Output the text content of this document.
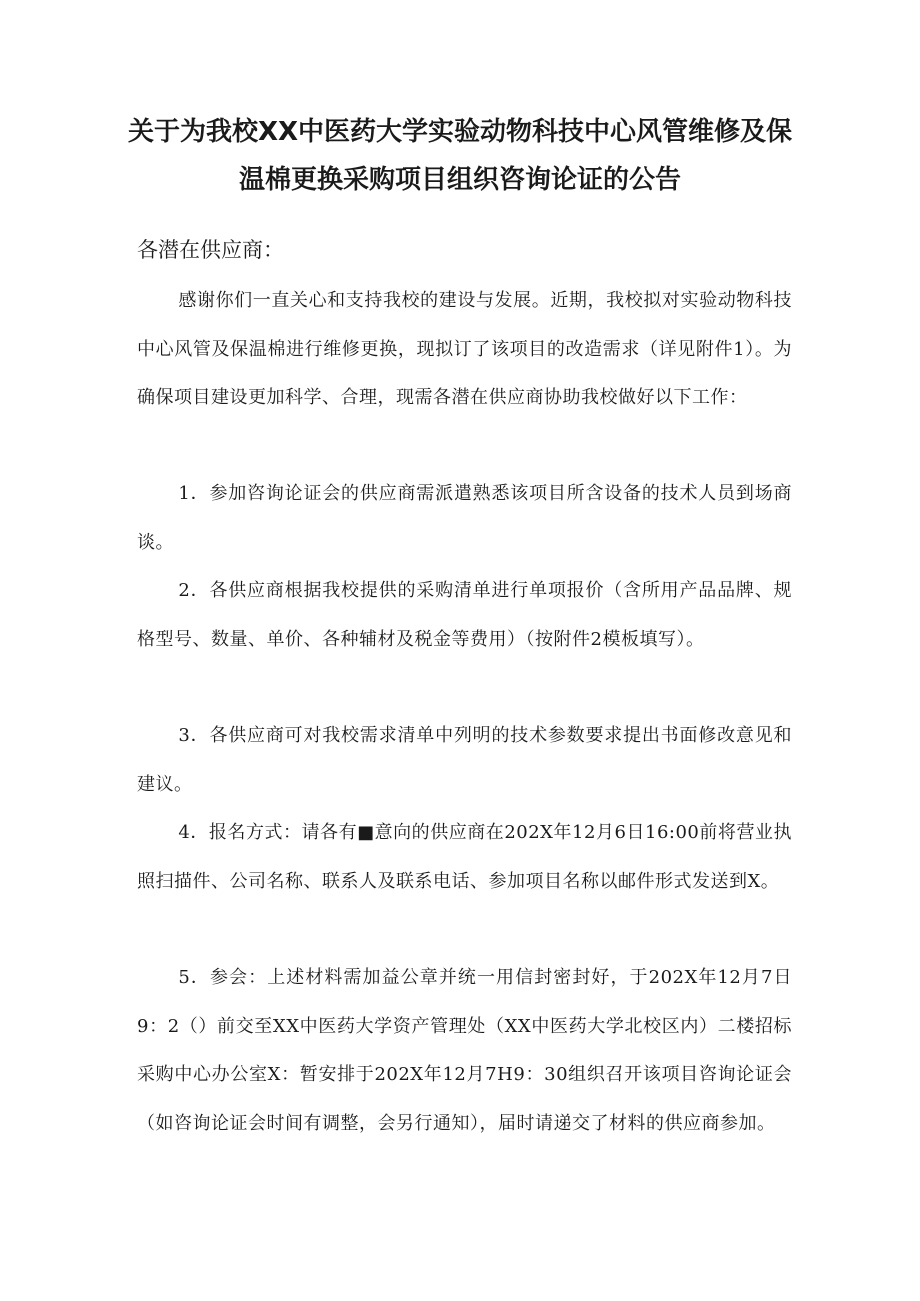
关于为我校XX中医药大学实验动物科技中心风管维修及保
温棉更换采购项目组织咨询论证的公告

各潜在供应商：

感谢你们一直关心和支持我校的建设与发展。近期，我校拟对实验动物科技中心风管及保温棉进行维修更换，现拟订了该项目的改造需求（详见附件1）。为确保项目建设更加科学、合理，现需各潜在供应商协助我校做好以下工作：

1．参加咨询论证会的供应商需派遣熟悉该项目所含设备的技术人员到场商谈。

2．各供应商根据我校提供的采购清单进行单项报价（含所用产品品牌、规格型号、数量、单价、各种辅材及税金等费用）（按附件2模板填写）。

3．各供应商可对我校需求清单中列明的技术参数要求提出书面修改意见和建议。

4．报名方式：请各有■意向的供应商在202X年12月6日16:00前将营业执照扫描件、公司名称、联系人及联系电话、参加项目名称以邮件形式发送到X。

5．参会：上述材料需加益公章并统一用信封密封好，于202X年12月7日9：2（）前交至XX中医药大学资产管理处（XX中医药大学北校区内）二楼招标采购中心办公室X：暂安排于202X年12月7H9：30组织召开该项目咨询论证会（如咨询论证会时间有调整，会另行通知），届时请递交了材料的供应商参加。
